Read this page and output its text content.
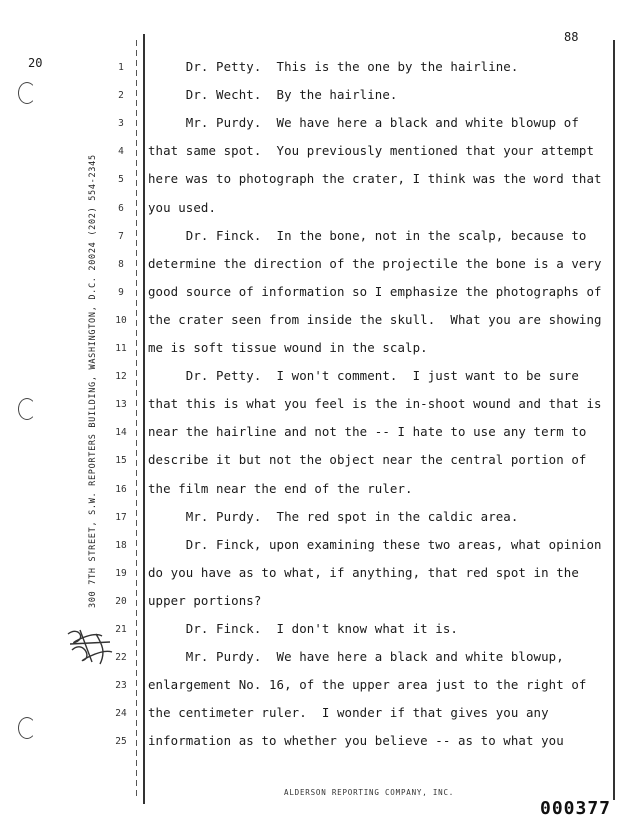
20
88
300 7TH STREET, S.W. REPORTERS BUILDING, WASHINGTON, D.C. 20024 (202) 554-2345
1	Dr. Petty.  This is the one by the hairline.
2	Dr. Wecht.  By the hairline.
3	Mr. Purdy.  We have here a black and white blowup of
4	that same spot.  You previously mentioned that your attempt
5	here was to photograph the crater, I think was the word that
6	you used.
7	Dr. Finck.  In the bone, not in the scalp, because to
8	determine the direction of the projectile the bone is a very
9	good source of information so I emphasize the photographs of
10	the crater seen from inside the skull.  What you are showing
11	me is soft tissue wound in the scalp.
12	Dr. Petty.  I won't comment.  I just want to be sure
13	that this is what you feel is the in-shoot wound and that is
14	near the hairline and not the -- I hate to use any term to
15	describe it but not the object near the central portion of
16	the film near the end of the ruler.
17	Mr. Purdy.  The red spot in the caldic area.
18	Dr. Finck, upon examining these two areas, what opinion
19	do you have as to what, if anything, that red spot in the
20	upper portions?
21	Dr. Finck.  I don't know what it is.
22	Mr. Purdy.  We have here a black and white blowup,
23	enlargement No. 16, of the upper area just to the right of
24	the centimeter ruler.  I wonder if that gives you any
25	information as to whether you believe -- as to what you
ALDERSON REPORTING COMPANY, INC.
000377
